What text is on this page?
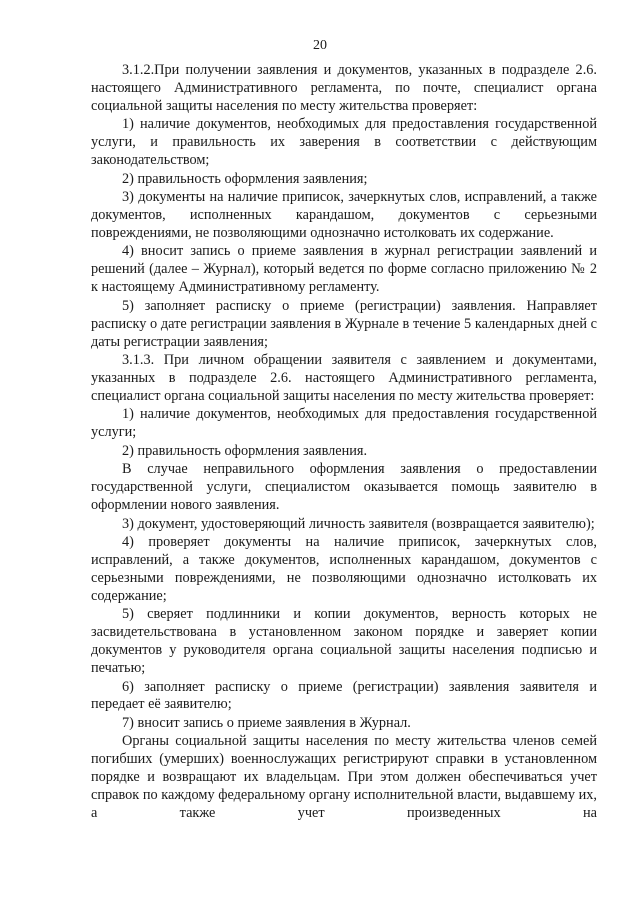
20

3.1.2.При получении заявления и документов, указанных в подразделе 2.6. настоящего Административного регламента, по почте, специалист органа социальной защиты населения по месту жительства проверяет:

1) наличие документов, необходимых для предоставления государственной услуги, и правильность их заверения в соответствии с действующим законодательством;

2) правильность оформления заявления;

3) документы на наличие приписок, зачеркнутых слов, исправлений, а также документов, исполненных карандашом, документов с серьезными повреждениями, не позволяющими однозначно истолковать их содержание.

4) вносит запись о приеме заявления в журнал регистрации заявлений и решений (далее – Журнал), который ведется по форме согласно приложению № 2 к настоящему Административному регламенту.

5) заполняет расписку о приеме (регистрации) заявления. Направляет расписку о дате регистрации заявления в Журнале в течение 5 календарных дней с даты регистрации заявления;

3.1.3. При личном обращении заявителя с заявлением и документами, указанных в подразделе 2.6. настоящего Административного регламента, специалист органа социальной защиты населения по месту жительства проверяет:

1) наличие документов, необходимых для предоставления государственной услуги;

2) правильность оформления заявления.

В случае неправильного оформления заявления о предоставлении государственной услуги, специалистом оказывается помощь заявителю в оформлении нового заявления.

3) документ, удостоверяющий личность заявителя (возвращается заявителю);

4) проверяет документы на наличие приписок, зачеркнутых слов, исправлений, а также документов, исполненных карандашом, документов с серьезными повреждениями, не позволяющими однозначно истолковать их содержание;

5) сверяет подлинники и копии документов, верность которых не засвидетельствована в установленном законом порядке и заверяет копии документов у руководителя органа социальной защиты населения подписью и печатью;

6) заполняет расписку о приеме (регистрации) заявления заявителя и передает её заявителю;

7) вносит запись о приеме заявления в Журнал.

Органы социальной защиты населения по месту жительства членов семей погибших (умерших) военнослужащих регистрируют справки в установленном порядке и возвращают их владельцам. При этом должен обеспечиваться учет справок по каждому федеральному органу исполнительной власти, выдавшему их, а также учет произведенных на
